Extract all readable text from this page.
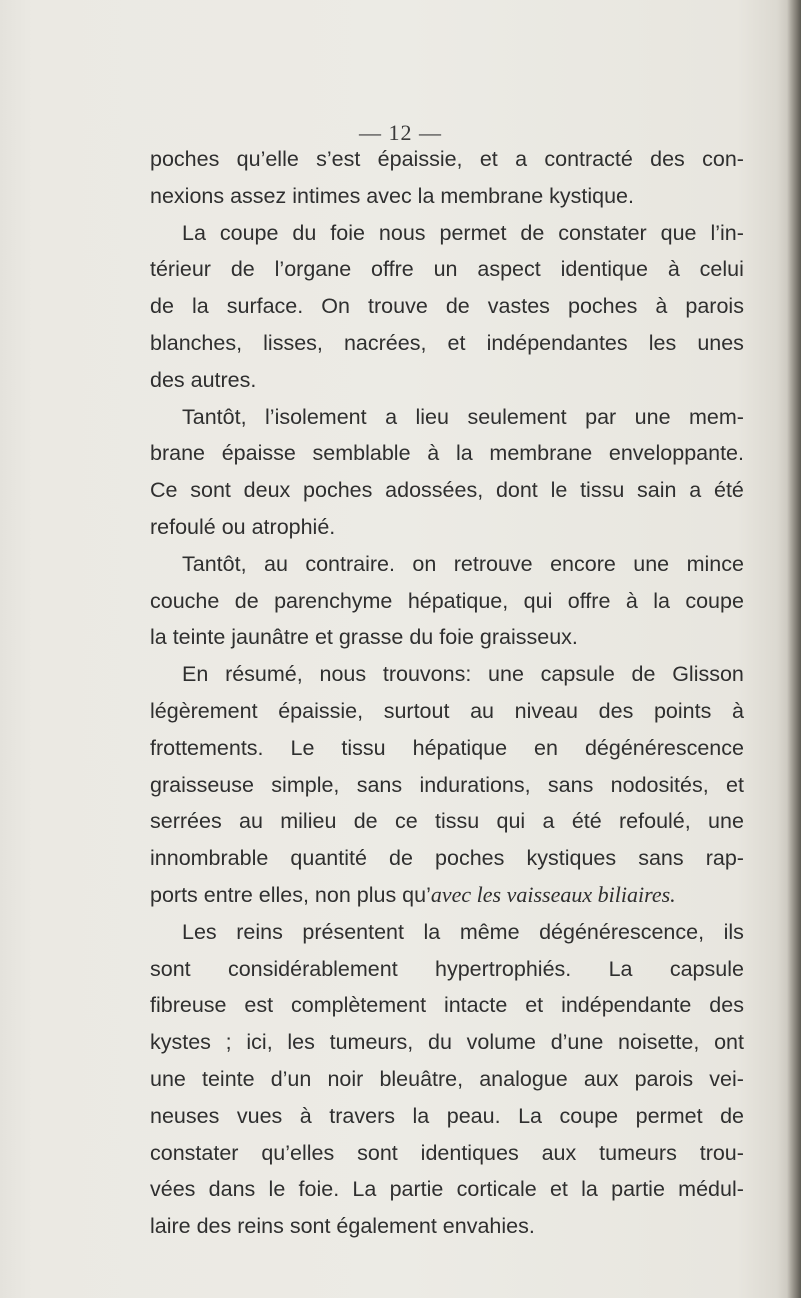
— 12 —
poches qu’elle s’est épaissie, et a contracté des con-
nexions assez intimes avec la membrane kystique.
La coupe du foie nous permet de constater que l’in-
térieur de l’organe offre un aspect identique à celui
de la surface. On trouve de vastes poches à parois
blanches, lisses, nacrées, et indépendantes les unes
des autres.
Tantôt, l’isolement a lieu seulement par une mem-
brane épaisse semblable à la membrane enveloppante.
Ce sont deux poches adossées, dont le tissu sain a été
refoulé ou atrophié.
Tantôt, au contraire. on retrouve encore une mince
couche de parenchyme hépatique, qui offre à la coupe
la teinte jaunâtre et grasse du foie graisseux.
En résumé, nous trouvons: une capsule de Glisson
légèrement épaissie, surtout au niveau des points à
frottements. Le tissu hépatique en dégénérescence
graisseuse simple, sans indurations, sans nodosités, et
serrées au milieu de ce tissu qui a été refoulé, une
innombrable quantité de poches kystiques sans rap-
ports entre elles, non plus qu’ avec les vaisseaux biliaires.
Les reins présentent la même dégénérescence, ils
sont considérablement hypertrophiés. La capsule
fibreuse est complètement intacte et indépendante des
kystes ; ici, les tumeurs, du volume d’une noisette, ont
une teinte d’un noir bleuâtre, analogue aux parois vei-
neuses vues à travers la peau. La coupe permet de
constater qu’elles sont identiques aux tumeurs trou-
vées dans le foie. La partie corticale et la partie médul-
laire des reins sont également envahies.
